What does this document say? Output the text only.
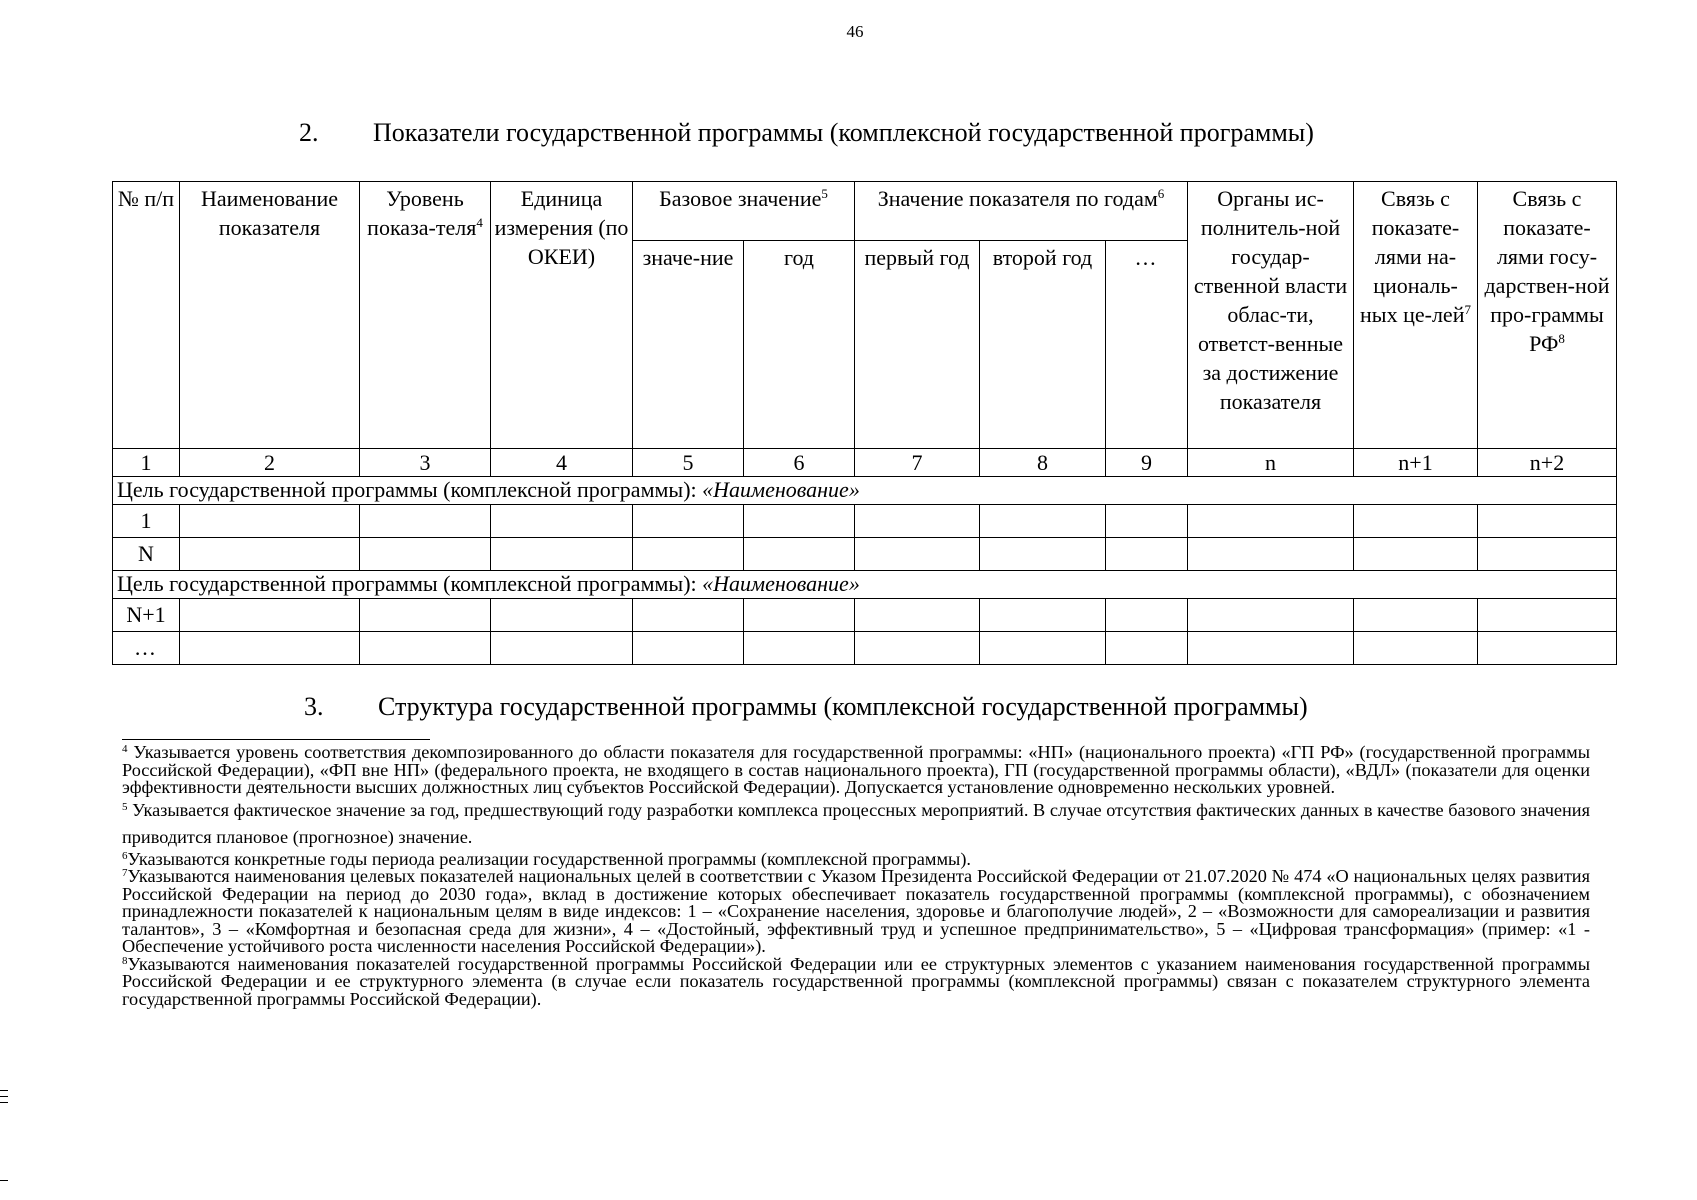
46
2. Показатели государственной программы (комплексной государственной программы)
№ п/п	Наименование показателя	Уровень показа-теля$^4$	Единица измерения (по ОКЕИ)	Базовое значение$^5$		Значение показателя по годам$^6$			Органы ис-полнитель-ной государ-ственной власти облас-ти, ответст-венные за достижение показателя	Связь с показате-лями на-циональ-ных це-лей$^7$	Связь с показате-лями госу-дарствен-ной про-граммы $РФ^8$
				значе-ние	год	первый год	второй год	…			
1	2	3	4	5	6	7	8	9	n	n+1	n+2
Цель государственной программы (комплексной программы): «Наименование»											
1											
N											
Цель государственной программы (комплексной программы): «Наименование»											
N+1											
…											
3. Структура государственной программы (комплексной государственной программы)

$^4$ Указывается уровень соответствия декомпозированного до области показателя для государственной программы: «НП» (национального проекта) «ГП РФ» (государственной программы Российской Федерации), «ФП вне НП» (федерального проекта, не входящего в состав национального проекта), ГП (государственной программы области), «ВДЛ» (показатели для оценки эффективности деятельности высших должностных лиц субъектов Российской Федерации). Допускается установление одновременно нескольких уровней.

$^5$ Указывается фактическое значение за год, предшествующий году разработки комплекса процессных мероприятий. В случае отсутствия фактических данных в качестве базового значения приводится плановое (прогнозное) значение.

$^6$Указываются конкретные годы периода реализации государственной программы (комплексной программы).

$^7$Указываются наименования целевых показателей национальных целей в соответствии с Указом Президента Российской Федерации от 21.07.2020 № 474 «О национальных целях развития Российской Федерации на период до 2030 года», вклад в достижение которых обеспечивает показатель государственной программы (комплексной программы), с обозначением принадлежности показателей к национальным целям в виде индексов: 1 – «Сохранение населения, здоровье и благополучие людей», 2 – «Возможности для самореализации и развития талантов», 3 – «Комфортная и безопасная среда для жизни», 4 – «Достойный, эффективный труд и успешное предпринимательство», 5 – «Цифровая трансформация» (пример: «1 - Обеспечение устойчивого роста численности населения Российской Федерации»).

$^8$Указываются наименования показателей государственной программы Российской Федерации или ее структурных элементов с указанием наименования государственной программы Российской Федерации и ее структурного элемента (в случае если показатель государственной программы (комплексной программы) связан с показателем структурного элемента государственной программы Российской Федерации).
